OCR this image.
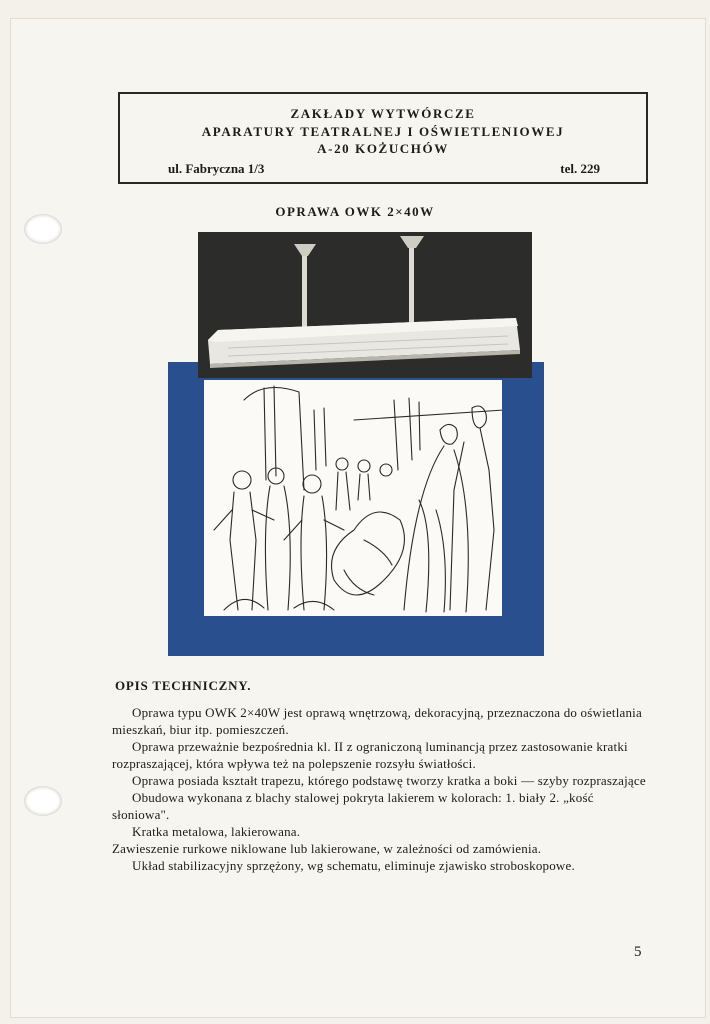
ZAKŁADY WYTWÓRCZE
APARATURY TEATRALNEJ I OŚWIETLENIOWEJ
A-20 KOŻUCHÓW
ul. Fabryczna 1/3	tel. 229
OPRAWA OWK 2×40W
OPIS TECHNICZNY.

Oprawa typu OWK 2×40W jest oprawą wnętrzową, dekoracyjną, przeznaczona do oświetlania mieszkań, biur itp. pomieszczeń.

Oprawa przeważnie bezpośrednia kl. II z ograniczoną luminancją przez zastosowanie kratki rozpraszającej, która wpływa też na polepszenie rozsyłu światłości.

Oprawa posiada kształt trapezu, którego podstawę tworzy kratka a boki — szyby rozpraszające

Obudowa wykonana z blachy stalowej pokryta lakierem w kolorach: 1. biały 2. „kość słoniowa".

Kratka metalowa, lakierowana.

Zawieszenie rurkowe niklowane lub lakierowane, w zależności od zamówienia.

Układ stabilizacyjny sprzężony, wg schematu, eliminuje zjawisko stroboskopowe.

5
